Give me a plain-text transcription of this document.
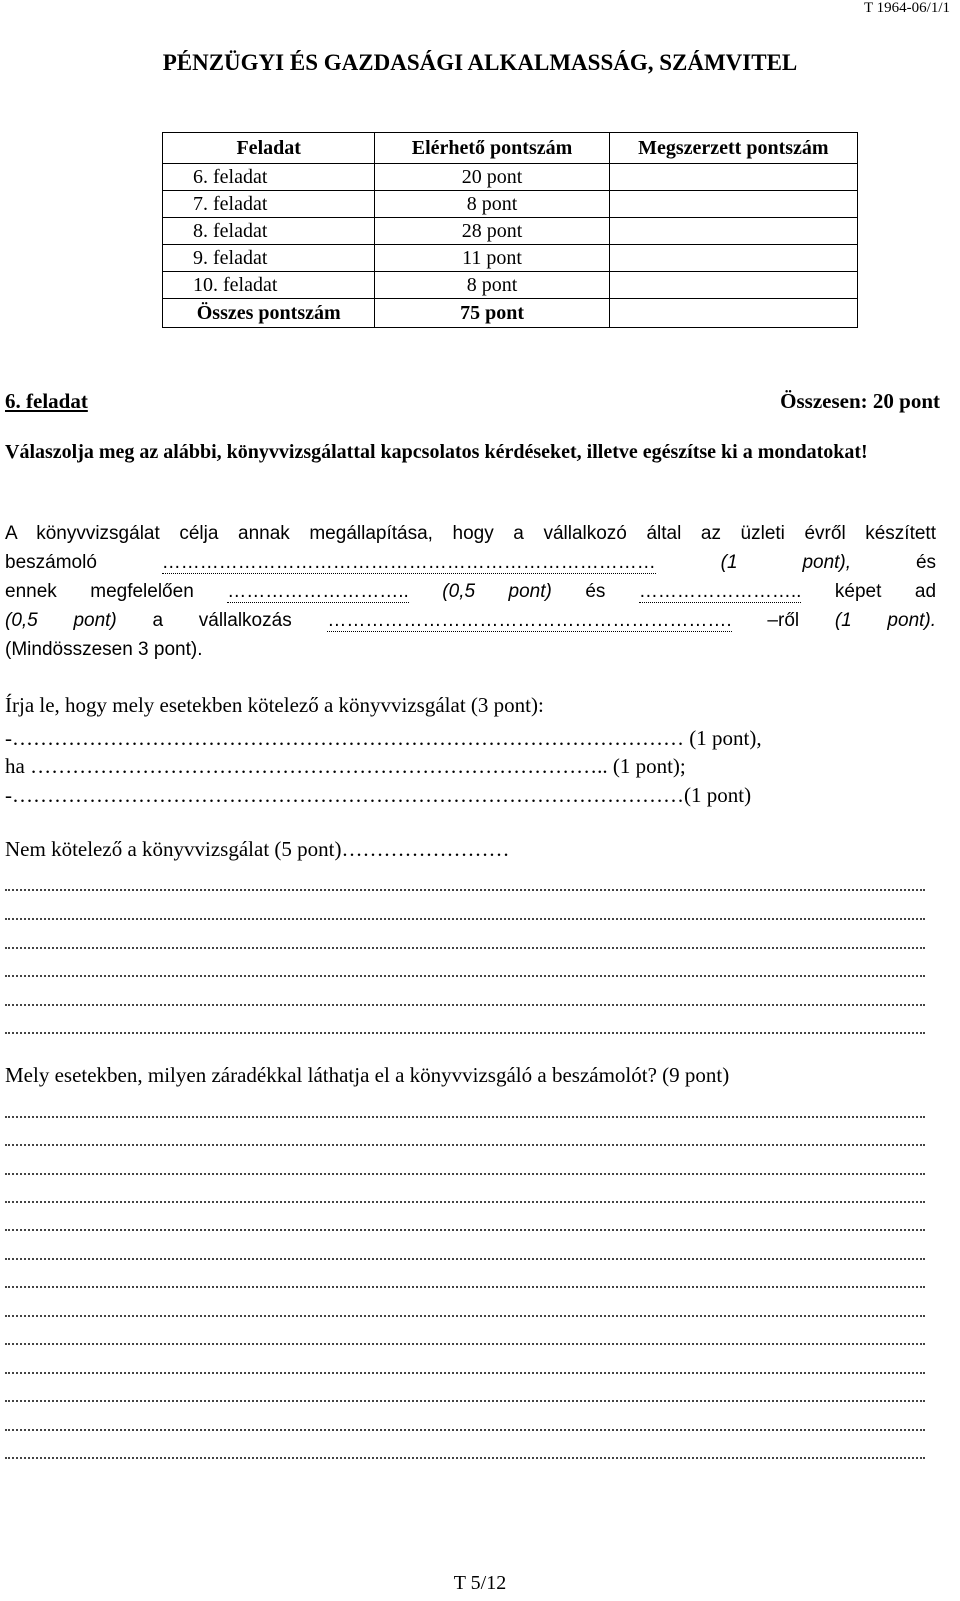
T 1964-06/1/1
PÉNZÜGYI ÉS GAZDASÁGI ALKALMASSÁG, SZÁMVITEL
Feladat	Elérhető pontszám	Megszerzett pontszám
6. feladat	20 pont	
7. feladat	8 pont	
8. feladat	28 pont	
9. feladat	11 pont	
10. feladat	8 pont	
Összes pontszám	75 pont	
6. feladat	Összesen: 20 pont
Válaszolja meg az alábbi, könyvvizsgálattal kapcsolatos kérdéseket, illetve egészítse ki a mondatokat!
A könyvvizsgálat célja annak megállapítása, hogy a vállalkozó által az üzleti évről készített
beszámoló	……………………………………………………………………	(1 pont),	és
ennek megfelelően ……………………….. (0,5 pont) és …………………….. képet ad
(0,5 pont) a vállalkozás ………………………………………………………. –ről (1 pont).
(Mindösszesen 3 pont).
Írja le, hogy mely esetekben kötelező a könyvvizsgálat (3 pont):
-…………………………………………………………………………………… (1 pont),
ha ……………………………………………………………………….. (1 pont);
-……………………………………………………………………………………(1 pont)
Nem kötelező a könyvvizsgálat (5 pont)……………………
Mely esetekben, milyen záradékkal láthatja el a könyvvizsgáló a beszámolót? (9 pont)
T 5/12
